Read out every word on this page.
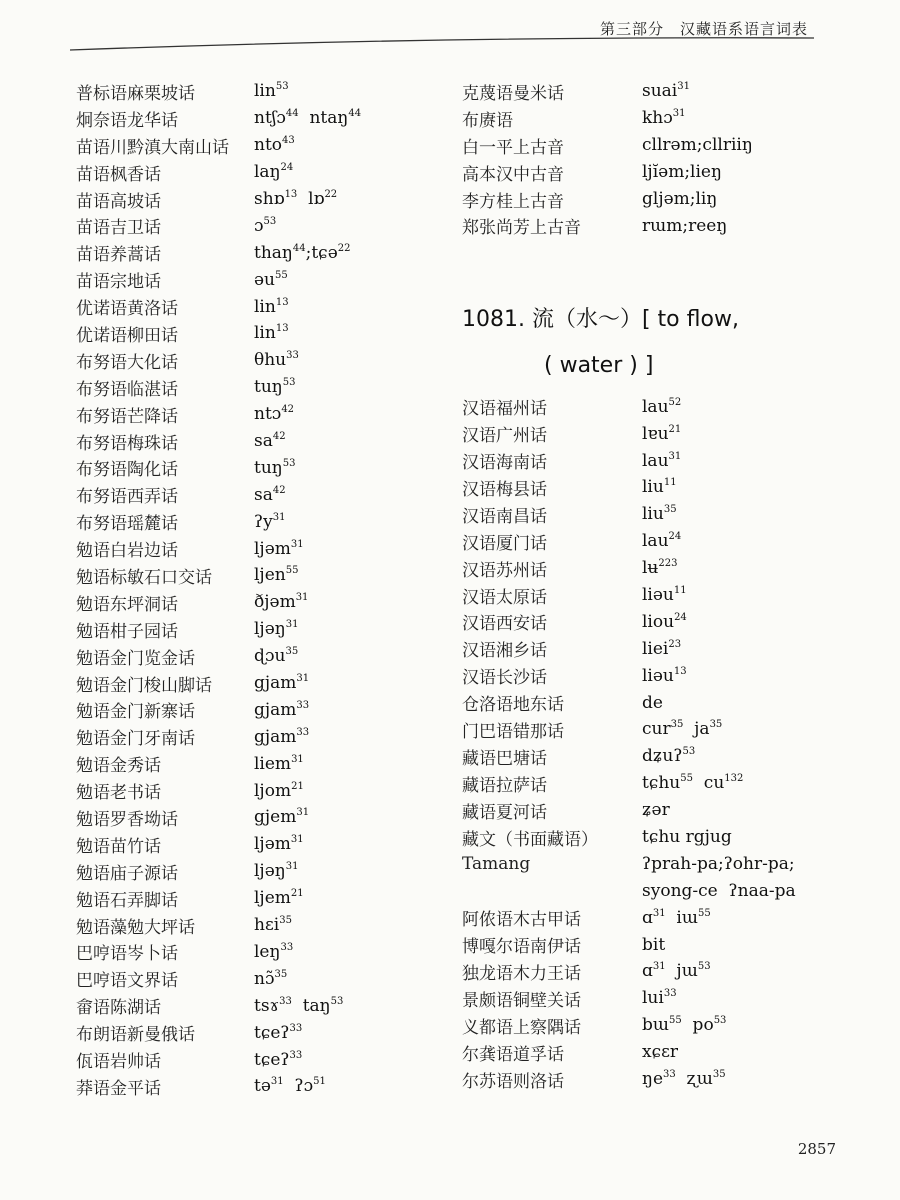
第三部分　汉藏语系语言词表
普标语麻栗坡话	lin$^{53}$
炯奈语龙华话	ntʃɔ$^{44}$  ntaŋ$^{44}$
苗语川黔滇大南山话	nto$^{43}$
苗语枫香话	laŋ$^{24}$
苗语高坡话	shɒ$^{13}$  lɒ$^{22}$
苗语吉卫话	ɔ$^{53}$
苗语养蒿话	thaŋ$^{44}$;tɕə$^{22}$
苗语宗地话	əu$^{55}$
优诺语黄洛话	lin$^{13}$
优诺语柳田话	lin$^{13}$
布努语大化话	θhu$^{33}$
布努语临湛话	tuŋ$^{53}$
布努语芒降话	ntɔ$^{42}$
布努语梅珠话	$sa^{42}$
布努语陶化话	tuŋ$^{53}$
布努语西弄话	$sa^{42}$
布努语瑶麓话	ʔy$^{31}$
勉语白岩边话	ljəm$^{31}$
勉语标敏石口交话	ljen$^{55}$
勉语东坪洞话	ðjəm$^{31}$
勉语柑子园话	ljəŋ$^{31}$
勉语金门览金话	ɖɔu$^{35}$
勉语金门梭山脚话	gjam$^{31}$
勉语金门新寨话	gjam$^{33}$
勉语金门牙南话	gjam$^{33}$
勉语金秀话	liem$^{31}$
勉语老书话	ljom$^{21}$
勉语罗香坳话	gjem$^{31}$
勉语苗竹话	ljəm$^{31}$
勉语庙子源话	ljəŋ$^{31}$
勉语石弄脚话	ljem$^{21}$
勉语藻勉大坪话	hɛi$^{35}$
巴哼语岑卜话	leŋ$^{33}$
巴哼语文界话	nɔ̃$^{35}$
畲语陈湖话	tsɤ$^{33}$  taŋ$^{53}$
布朗语新曼俄话	tɕeʔ$^{33}$
佤语岩帅话	tɕeʔ$^{33}$
莽语金平话	tə$^{31}$  ʔɔ$^{51}$
克蔑语曼米话	suai$^{31}$
布赓语	khɔ$^{31}$
白一平上古音	cllrəm;cllriiŋ
高本汉中古音	ljĭəm;lieŋ
李方桂上古音	gljəm;liŋ
郑张尚芳上古音	rɯm;reeŋ
1081. 流（水～）[ to flow,
( water ) ]
汉语福州话	lau$^{52}$
汉语广州话	lɐu$^{21}$
汉语海南话	lau$^{31}$
汉语梅县话	liu$^{11}$
汉语南昌话	liu$^{35}$
汉语厦门话	lau$^{24}$
汉语苏州话	lʉ$^{223}$
汉语太原话	liəu$^{11}$
汉语西安话	liou$^{24}$
汉语湘乡话	liei$^{23}$
汉语长沙话	liəu$^{13}$
仓洛语地东话	de
门巴语错那话	cur$^{35}$  $ja^{35}$
藏语巴塘话	dʑuʔ$^{53}$
藏语拉萨话	tɕhu$^{55}$  $cu^{132}$
藏语夏河话	ʑər
藏文（书面藏语）	tɕhu rgjug
Tamang	ʔprah-pa;ʔohr-pa;
syong-ce  ʔnaa-pa
阿侬语木古甲话	ɑ$^{31}$  iɯ$^{55}$
博嘎尔语南伊话	bit
独龙语木力王话	ɑ$^{31}$  jɯ$^{53}$
景颇语铜壁关话	lui$^{33}$
义都语上察隅话	bɯ$^{55}$  $po^{53}$
尔龚语道孚话	xɕɛr
尔苏语则洛话	$ŋe^{33}$  ʐɯ$^{35}$
2857
